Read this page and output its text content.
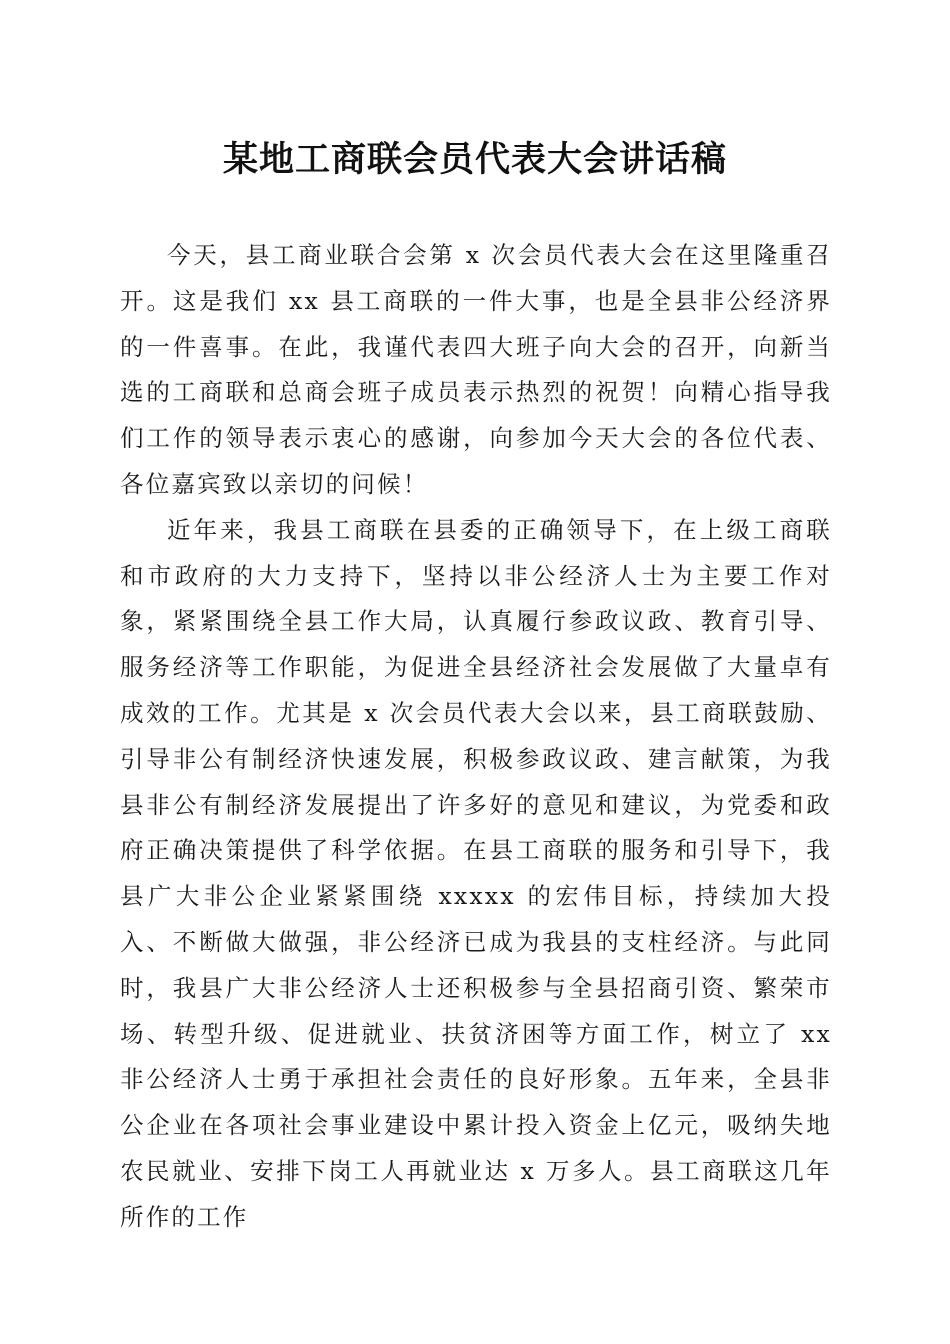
某地工商联会员代表大会讲话稿

今天，县工商业联合会第 x 次会员代表大会在这里隆重召开。这是我们 xx 县工商联的一件大事，也是全县非公经济界的一件喜事。在此，我谨代表四大班子向大会的召开，向新当选的工商联和总商会班子成员表示热烈的祝贺！向精心指导我们工作的领导表示衷心的感谢，向参加今天大会的各位代表、各位嘉宾致以亲切的问候！

近年来，我县工商联在县委的正确领导下，在上级工商联和市政府的大力支持下，坚持以非公经济人士为主要工作对象，紧紧围绕全县工作大局，认真履行参政议政、教育引导、服务经济等工作职能，为促进全县经济社会发展做了大量卓有成效的工作。尤其是 x 次会员代表大会以来，县工商联鼓励、引导非公有制经济快速发展，积极参政议政、建言献策，为我县非公有制经济发展提出了许多好的意见和建议，为党委和政府正确决策提供了科学依据。在县工商联的服务和引导下，我县广大非公企业紧紧围绕 xxxxx 的宏伟目标，持续加大投入、不断做大做强，非公经济已成为我县的支柱经济。与此同时，我县广大非公经济人士还积极参与全县招商引资、繁荣市场、转型升级、促进就业、扶贫济困等方面工作，树立了 xx 非公经济人士勇于承担社会责任的良好形象。五年来，全县非公企业在各项社会事业建设中累计投入资金上亿元，吸纳失地农民就业、安排下岗工人再就业达 x 万多人。县工商联这几年所作的工作
